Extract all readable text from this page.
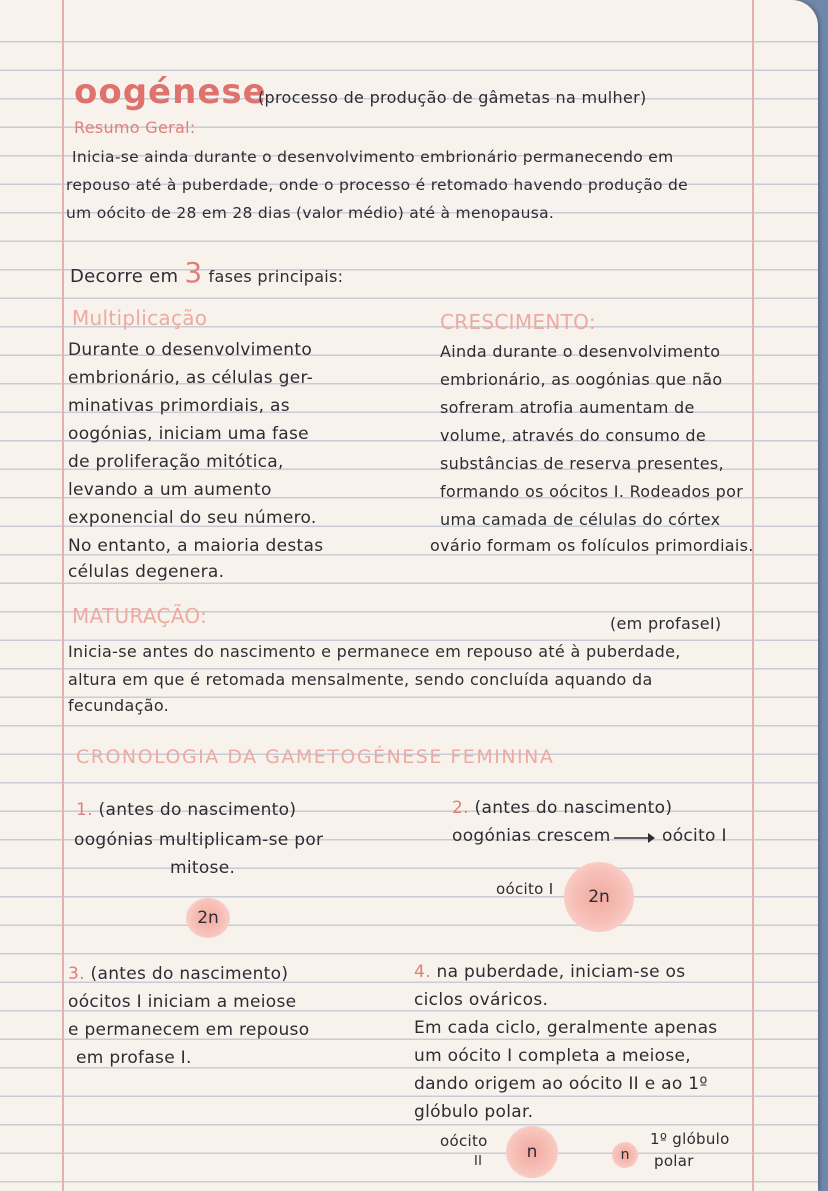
oogénese
(processo de produção de gâmetas na mulher)
Resumo Geral:
Inicia-se ainda durante o desenvolvimento embrionário permanecendo em
repouso até à puberdade, onde o processo é retomado havendo produção de
um oócito de 28 em 28 dias (valor médio) até à menopausa.
Decorre em 3 fases principais:
Multiplicação
Durante o desenvolvimento
embrionário, as células ger-
minativas primordiais, as
oogónias, iniciam uma fase
de proliferação mitótica,
levando a um aumento
exponencial do seu número.
No entanto, a maioria destas
células degenera.
CRESCIMENTO:
Ainda durante o desenvolvimento
embrionário, as oogónias que não
sofreram atrofia aumentam de
volume, através do consumo de
substâncias de reserva presentes,
formando os oócitos I. Rodeados por
uma camada de células do córtex
ovário formam os folículos primordiais.
MATURAÇÃO:	(em profaseI)
Inicia-se antes do nascimento e permanece em repouso até à puberdade,
altura em que é retomada mensalmente, sendo concluída aquando da
fecundação.
CRONOLOGIA DA GAMETOGÉNESE FEMININA
1. (antes do nascimento)
oogónias multiplicam-se por
mitose.
2n
2. (antes do nascimento)
oogónias crescem	oócito I
oócito I	2n
3. (antes do nascimento)
oócitos I iniciam a meiose
e permanecem em repouso
em profase I.
4. na puberdade, iniciam-se os
ciclos ováricos.
Em cada ciclo, geralmente apenas
um oócito I completa a meiose,
dando origem ao oócito II e ao 1º
glóbulo polar.
oócito
II	n	n
1º glóbulo
polar
